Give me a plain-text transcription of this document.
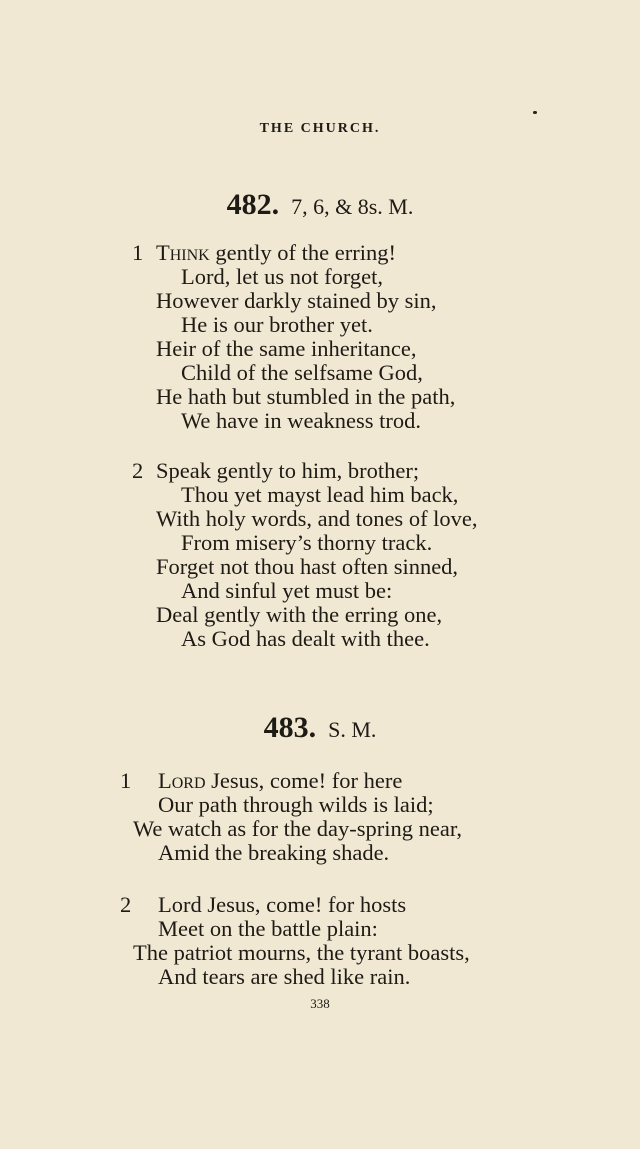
THE CHURCH.
482. 7, 6, & 8s. M.
1 Think gently of the erring!
Lord, let us not forget,
However darkly stained by sin,
He is our brother yet.
Heir of the same inheritance,
Child of the selfsame God,
He hath but stumbled in the path,
We have in weakness trod.
2 Speak gently to him, brother;
Thou yet mayst lead him back,
With holy words, and tones of love,
From misery’s thorny track.
Forget not thou hast often sinned,
And sinful yet must be:
Deal gently with the erring one,
As God has dealt with thee.
483. S. M.
1 Lord Jesus, come! for here
Our path through wilds is laid;
We watch as for the day-spring near,
Amid the breaking shade.
2 Lord Jesus, come! for hosts
Meet on the battle plain:
The patriot mourns, the tyrant boasts,
And tears are shed like rain.
338
